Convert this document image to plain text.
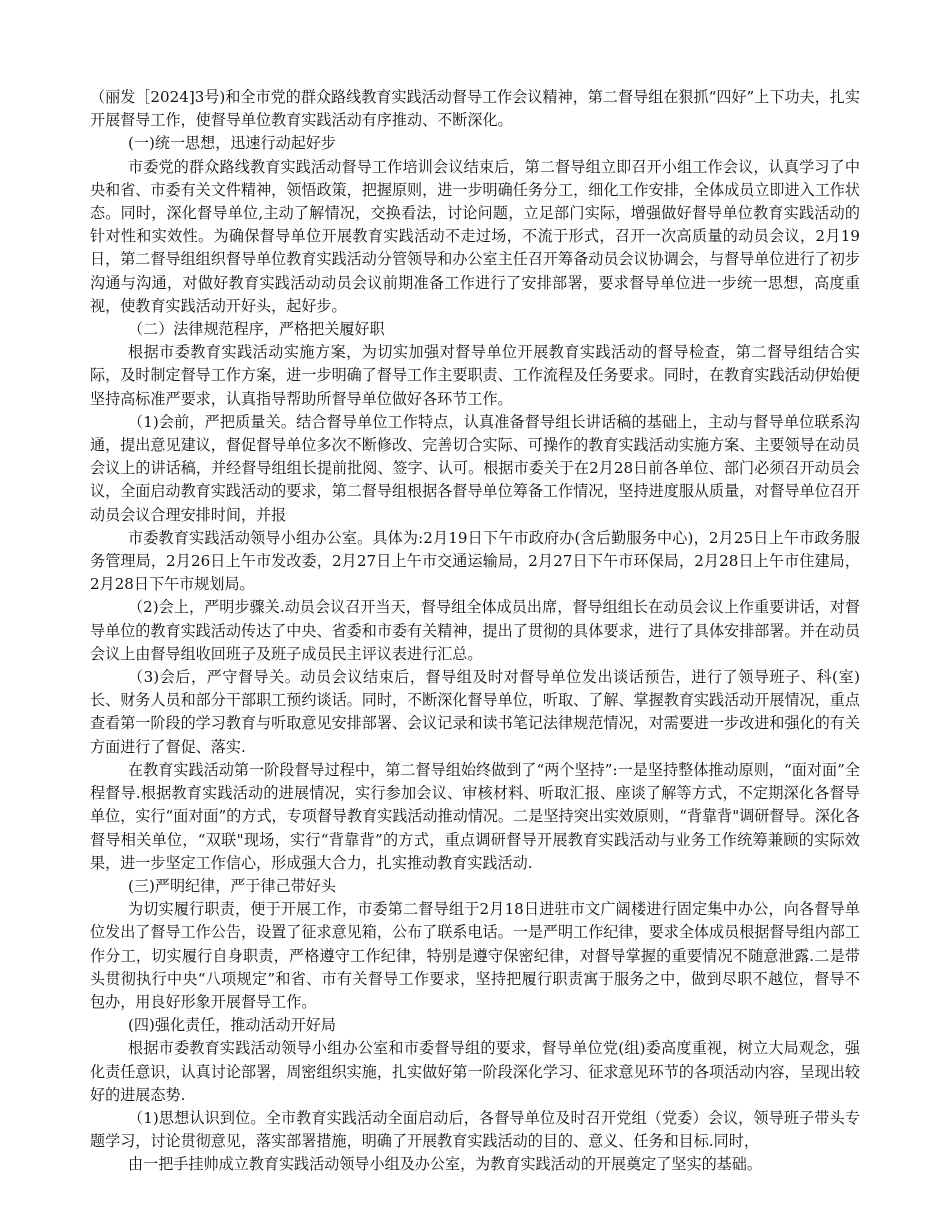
（丽发［2024]3号)和全市党的群众路线教育实践活动督导工作会议精神，第二督导组在狠抓“四好”上下功夫，扎实开展督导工作，使督导单位教育实践活动有序推动、不断深化。

(一)统一思想，迅速行动起好步

市委党的群众路线教育实践活动督导工作培训会议结束后，第二督导组立即召开小组工作会议，认真学习了中央和省、市委有关文件精神，领悟政策，把握原则，进一步明确任务分工，细化工作安排，全体成员立即进入工作状态。同时，深化督导单位,主动了解情况，交换看法，讨论问题，立足部门实际，增强做好督导单位教育实践活动的针对性和实效性。为确保督导单位开展教育实践活动不走过场，不流于形式，召开一次高质量的动员会议，2月19日，第二督导组组织督导单位教育实践活动分管领导和办公室主任召开筹备动员会议协调会，与督导单位进行了初步沟通与沟通，对做好教育实践活动动员会议前期准备工作进行了安排部署，要求督导单位进一步统一思想，高度重视，使教育实践活动开好头，起好步。

（二）法律规范程序，严格把关履好职

根据市委教育实践活动实施方案，为切实加强对督导单位开展教育实践活动的督导检查，第二督导组结合实际，及时制定督导工作方案，进一步明确了督导工作主要职责、工作流程及任务要求。同时，在教育实践活动伊始便坚持高标准严要求，认真指导帮助所督导单位做好各环节工作。

（1)会前，严把质量关。结合督导单位工作特点，认真准备督导组长讲话稿的基础上，主动与督导单位联系沟通，提出意见建议，督促督导单位多次不断修改、完善切合实际、可操作的教育实践活动实施方案、主要领导在动员会议上的讲话稿，并经督导组组长提前批阅、签字、认可。根据市委关于在2月28日前各单位、部门必须召开动员会议，全面启动教育实践活动的要求，第二督导组根据各督导单位筹备工作情况，坚持进度服从质量，对督导单位召开动员会议合理安排时间，并报

市委教育实践活动领导小组办公室。具体为:2月19日下午市政府办(含后勤服务中心)，2月25日上午市政务服务管理局，2月26日上午市发改委，2月27日上午市交通运输局，2月27日下午市环保局，2月28日上午市住建局，2月28日下午市规划局。

（2)会上，严明步骤关.动员会议召开当天，督导组全体成员出席，督导组组长在动员会议上作重要讲话，对督导单位的教育实践活动传达了中央、省委和市委有关精神，提出了贯彻的具体要求，进行了具体安排部署。并在动员会议上由督导组收回班子及班子成员民主评议表进行汇总。

（3)会后，严守督导关。动员会议结束后，督导组及时对督导单位发出谈话预告，进行了领导班子、科(室)长、财务人员和部分干部职工预约谈话。同时，不断深化督导单位，听取、了解、掌握教育实践活动开展情况，重点查看第一阶段的学习教育与听取意见安排部署、会议记录和读书笔记法律规范情况，对需要进一步改进和强化的有关方面进行了督促、落实.

在教育实践活动第一阶段督导过程中，第二督导组始终做到了“两个坚持”:一是坚持整体推动原则，“面对面”全程督导.根据教育实践活动的进展情况，实行参加会议、审核材料、听取汇报、座谈了解等方式，不定期深化各督导单位，实行“面对面”的方式，专项督导教育实践活动推动情况。二是坚持突出实效原则，“背靠背"调研督导。深化各督导相关单位，“双联"现场，实行“背靠背”的方式，重点调研督导开展教育实践活动与业务工作统筹兼顾的实际效果，进一步坚定工作信心，形成强大合力，扎实推动教育实践活动.

(三)严明纪律，严于律己带好头

为切实履行职责，便于开展工作，市委第二督导组于2月18日进驻市文广阔楼进行固定集中办公，向各督导单位发出了督导工作公告，设置了征求意见箱，公布了联系电话。一是严明工作纪律，要求全体成员根据督导组内部工作分工，切实履行自身职责，严格遵守工作纪律，特别是遵守保密纪律，对督导掌握的重要情况不随意泄露.二是带头贯彻执行中央“八项规定”和省、市有关督导工作要求，坚持把履行职责寓于服务之中，做到尽职不越位，督导不包办，用良好形象开展督导工作。

(四)强化责任，推动活动开好局

根据市委教育实践活动领导小组办公室和市委督导组的要求，督导单位党(组)委高度重视，树立大局观念，强化责任意识，认真讨论部署，周密组织实施，扎实做好第一阶段深化学习、征求意见环节的各项活动内容，呈现出较好的进展态势.

（1)思想认识到位。全市教育实践活动全面启动后，各督导单位及时召开党组（党委）会议，领导班子带头专题学习，讨论贯彻意见，落实部署措施，明确了开展教育实践活动的目的、意义、任务和目标.同时，

由一把手挂帅成立教育实践活动领导小组及办公室，为教育实践活动的开展奠定了坚实的基础。
